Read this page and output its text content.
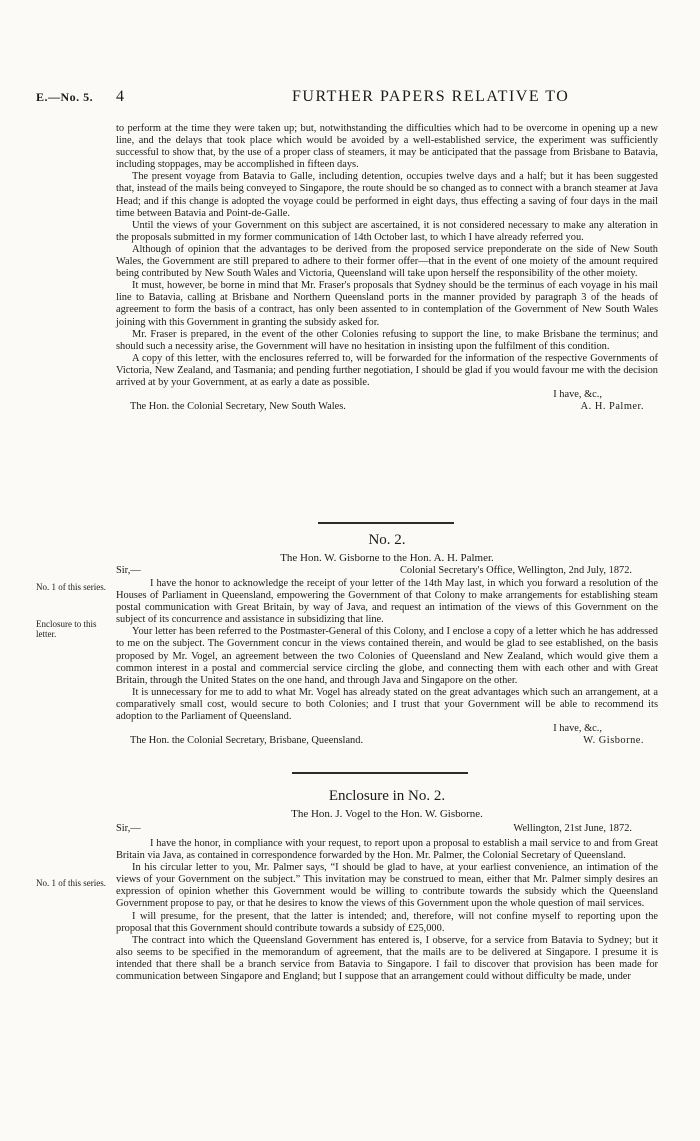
E.—No. 5. 4	FURTHER PAPERS RELATIVE TO

to perform at the time they were taken up; but, notwithstanding the difficulties which had to be overcome in opening up a new line, and the delays that took place which would be avoided by a well-established service, the experiment was sufficiently successful to show that, by the use of a proper class of steamers, it may be anticipated that the passage from Brisbane to Batavia, including stoppages, may be accomplished in fifteen days.

The present voyage from Batavia to Galle, including detention, occupies twelve days and a half; but it has been suggested that, instead of the mails being conveyed to Singapore, the route should be so changed as to connect with a branch steamer at Java Head; and if this change is adopted the voyage could be performed in eight days, thus effecting a saving of four days in the mail time between Batavia and Point-de-Galle.

Until the views of your Government on this subject are ascertained, it is not considered necessary to make any alteration in the proposals submitted in my former communication of 14th October last, to which I have already referred you.

Although of opinion that the advantages to be derived from the proposed service preponderate on the side of New South Wales, the Government are still prepared to adhere to their former offer—that in the event of one moiety of the amount required being contributed by New South Wales and Victoria, Queensland will take upon herself the responsibility of the other moiety.

It must, however, be borne in mind that Mr. Fraser's proposals that Sydney should be the terminus of each voyage in his mail line to Batavia, calling at Brisbane and Northern Queensland ports in the manner provided by paragraph 3 of the heads of agreement to form the basis of a contract, has only been assented to in contemplation of the Government of New South Wales joining with this Government in granting the subsidy asked for.

Mr. Fraser is prepared, in the event of the other Colonies refusing to support the line, to make Brisbane the terminus; and should such a necessity arise, the Government will have no hesitation in insisting upon the fulfilment of this condition.

A copy of this letter, with the enclosures referred to, will be forwarded for the information of the respective Governments of Victoria, New Zealand, and Tasmania; and pending further negotiation, I should be glad if you would favour me with the decision arrived at by your Government, at as early a date as possible.

I have, &c.,

The Hon. the Colonial Secretary, New South Wales.	A. H. Palmer.
No. 2.
The Hon. W. Gisborne to the Hon. A. H. Palmer.
Sir,—	Colonial Secretary's Office, Wellington, 2nd July, 1872.
No. 1 of this series.
Enclosure to this letter.

I have the honor to acknowledge the receipt of your letter of the 14th May last, in which you forward a resolution of the Houses of Parliament in Queensland, empowering the Government of that Colony to make arrangements for establishing steam postal communication with Great Britain, by way of Java, and request an intimation of the views of this Government on the subject of its concurrence and assistance in subsidizing that line.

Your letter has been referred to the Postmaster-General of this Colony, and I enclose a copy of a letter which he has addressed to me on the subject. The Government concur in the views contained therein, and would be glad to see established, on the basis proposed by Mr. Vogel, an agreement between the two Colonies of Queensland and New Zealand, which would give them a common interest in a postal and commercial service circling the globe, and connecting them with each other and with Great Britain, through the United States on the one hand, and through Java and Singapore on the other.

It is unnecessary for me to add to what Mr. Vogel has already stated on the great advantages which such an arrangement, at a comparatively small cost, would secure to both Colonies; and I trust that your Government will be able to recommend its adoption to the Parliament of Queensland.

I have, &c.,

The Hon. the Colonial Secretary, Brisbane, Queensland.	W. Gisborne.
Enclosure in No. 2.
The Hon. J. Vogel to the Hon. W. Gisborne.
Sir,—	Wellington, 21st June, 1872.
No. 1 of this series.

I have the honor, in compliance with your request, to report upon a proposal to establish a mail service to and from Great Britain via Java, as contained in correspondence forwarded by the Hon. Mr. Palmer, the Colonial Secretary of Queensland.

In his circular letter to you, Mr. Palmer says, “I should be glad to have, at your earliest convenience, an intimation of the views of your Government on the subject.” This invitation may be construed to mean, either that Mr. Palmer simply desires an expression of opinion whether this Government would be willing to contribute towards the subsidy which the Queensland Government propose to pay, or that he desires to know the views of this Government upon the whole question of mail services.

I will presume, for the present, that the latter is intended; and, therefore, will not confine myself to reporting upon the proposal that this Government should contribute towards a subsidy of £25,000.

The contract into which the Queensland Government has entered is, I observe, for a service from Batavia to Sydney; but it also seems to be specified in the memorandum of agreement, that the mails are to be delivered at Singapore. I presume it is intended that there shall be a branch service from Batavia to Singapore. I fail to discover that provision has been made for communication between Singapore and England; but I suppose that an arrangement could without difficulty be made, under
